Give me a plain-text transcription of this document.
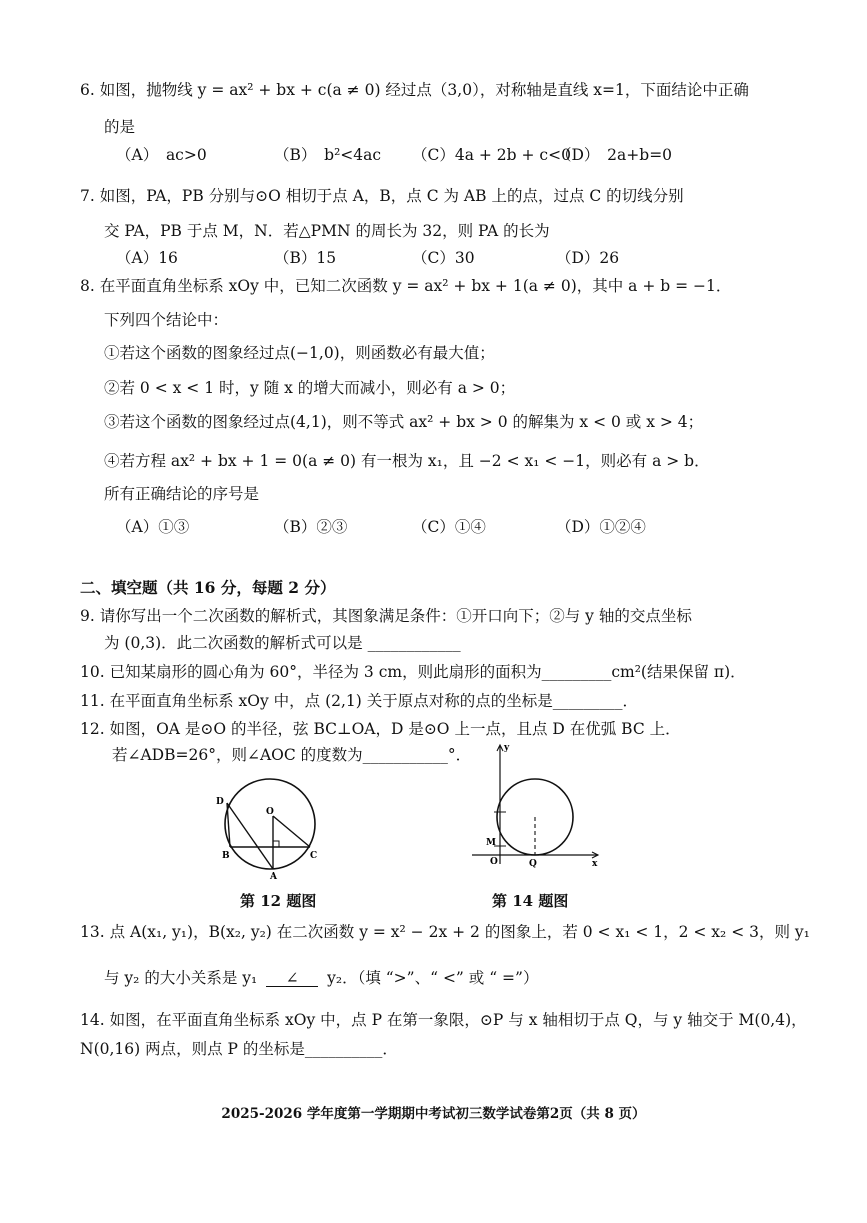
6. 如图，抛物线 y = ax² + bx + c(a ≠ 0) 经过点（3,0），对称轴是直线 x=1，下面结论中正确
的是
（A）　ac>0	（B）　b²<4ac （C）4a + 2b + c<0
（D）　2a+b=0
7. 如图，PA，PB 分别与⊙O 相切于点 A，B，点 C 为 AB 上的点，过点 C 的切线分别
交 PA，PB 于点 M，N．若△PMN 的周长为 32，则 PA 的长为
（A）16	（B）15	（C）30	（D）26
8. 在平面直角坐标系 xOy 中，已知二次函数 y = ax² + bx + 1(a ≠ 0)，其中 a + b = −1．
下列四个结论中：
①若这个函数的图象经过点(−1,0)，则函数必有最大值；
②若 0 < x < 1 时，y 随 x 的增大而减小，则必有 a > 0；
③若这个函数的图象经过点(4,1)，则不等式 ax² + bx > 0 的解集为 x < 0 或 x > 4；
④若方程 ax² + bx + 1 = 0(a ≠ 0) 有一根为 x₁，且 −2 < x₁ < −1，则必有 a > b．
所有正确结论的序号是
（A）①③	（B）②③	（C）①④	（D）①②④
二、填空题（共 16 分，每题 2 分）
9. 请你写出一个二次函数的解析式，其图象满足条件：①开口向下；②与 y 轴的交点坐标
为 (0,3)．此二次函数的解析式可以是 ____________
10. 已知某扇形的圆心角为 60°，半径为 3 cm，则此扇形的面积为_________cm²(结果保留 π)．
11. 在平面直角坐标系 xOy 中，点 (2,1) 关于原点对称的点的坐标是_________．
12. 如图，OA 是⊙O 的半径，弦 BC⊥OA，D 是⊙O 上一点，且点 D 在优弧 BC 上．
若∠ADB=26°，则∠AOC 的度数为___________°．
D
O
B
A
C
第 12 题图
y
M
O	Q	x
第 14 题图
13. 点 A(x₁, y₁)，B(x₂, y₂) 在二次函数 y = x² − 2x + 2 的图象上，若 0 < x₁ < 1，2 < x₂ < 3，则 y₁
与 y₂ 的大小关系是 y₁ ∠ y₂．（填 “>”、“ <” 或 “ =”）
14. 如图，在平面直角坐标系 xOy 中，点 P 在第一象限，⊙P 与 x 轴相切于点 Q，与 y 轴交于 M(0,4)，
N(0,16) 两点，则点 P 的坐标是__________．
2025-2026 学年度第一学期期中考试初三数学试卷第2页（共 8 页）
